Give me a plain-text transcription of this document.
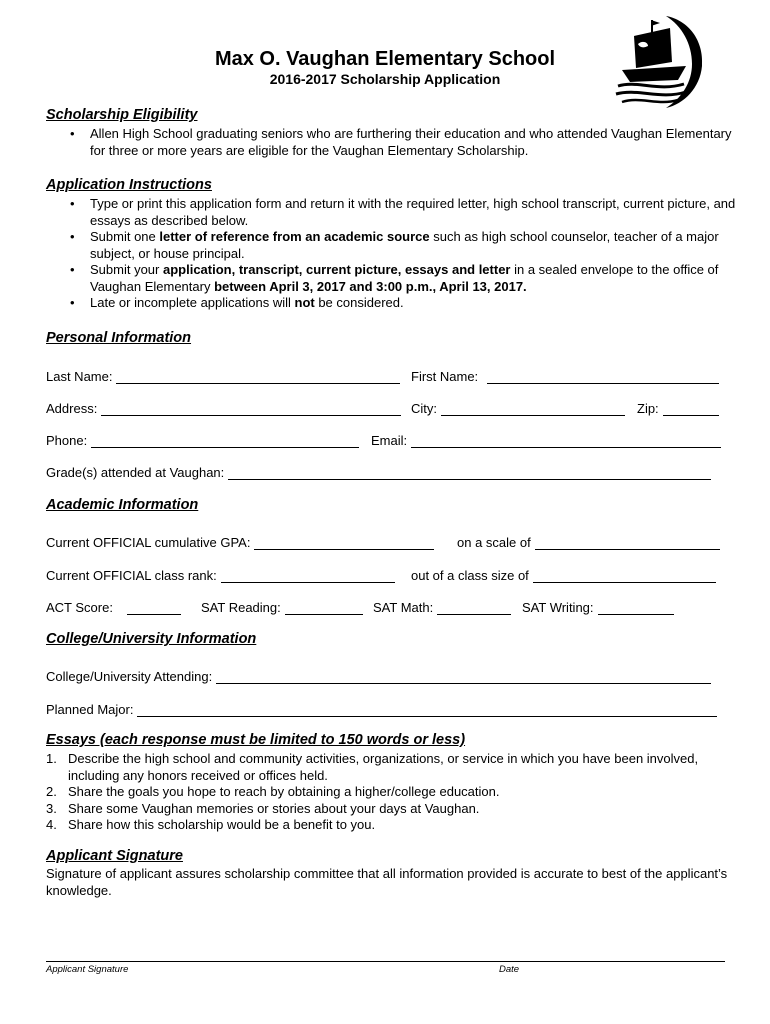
Max O. Vaughan Elementary School
2016-2017 Scholarship Application
Scholarship Eligibility
• Allen High School graduating seniors who are furthering their education and who attended Vaughan Elementary for three or more years are eligible for the Vaughan Elementary Scholarship.
Application Instructions
• Type or print this application form and return it with the required letter, high school transcript, current picture, and essays as described below.
• Submit one letter of reference from an academic source such as high school counselor, teacher of a major subject, or house principal.
• Submit your application, transcript, current picture, essays and letter in a sealed envelope to the office of Vaughan Elementary between April 3, 2017 and 3:00 p.m., April 13, 2017.
• Late or incomplete applications will not be considered.
Personal Information
Last Name:	First Name:
Address:	City:	Zip:
Phone:	Email:
Grade(s) attended at Vaughan:
Academic Information
Current OFFICIAL cumulative GPA:	on a scale of
Current OFFICIAL class rank:	out of a class size of
ACT Score:	SAT Reading:	SAT Math:	SAT Writing:
College/University Information
College/University Attending:
Planned Major:
Essays (each response must be limited to 150 words or less)
1. Describe the high school and community activities, organizations, or service in which you have been involved, including any honors received or offices held.
2. Share the goals you hope to reach by obtaining a higher/college education.
3. Share some Vaughan memories or stories about your days at Vaughan.
4. Share how this scholarship would be a benefit to you.
Applicant Signature
Signature of applicant assures scholarship committee that all information provided is accurate to best of the applicant’s knowledge.
Applicant Signature	Date
